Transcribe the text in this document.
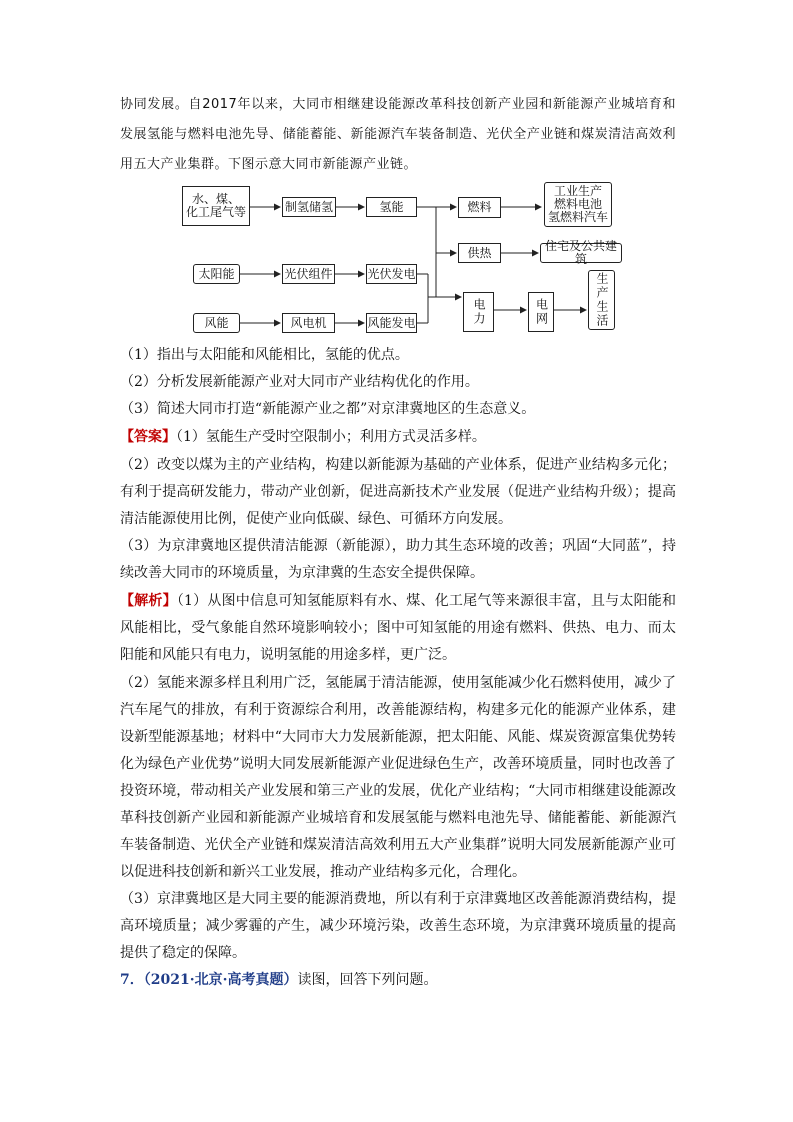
协同发展。自2017年以来，大同市相继建设能源改革科技创新产业园和新能源产业城培育和发展氢能与燃料电池先导、储能蓄能、新能源汽车装备制造、光伏全产业链和煤炭清洁高效利用五大产业集群。下图示意大同市新能源产业链。

水、煤、
化工尾气等	制氢储氢	氢能	燃料
工业生产
燃料电池
氢燃料汽车
供热	住宅及公共建筑
太阳能	光伏组件	光伏发电
风能	风电机	风能发电	电力	电网	生产生活

（1）指出与太阳能和风能相比，氢能的优点。

（2）分析发展新能源产业对大同市产业结构优化的作用。

（3）简述大同市打造“新能源产业之都”对京津冀地区的生态意义。

【答案】（1）氢能生产受时空限制小；利用方式灵活多样。

（2）改变以煤为主的产业结构，构建以新能源为基础的产业体系，促进产业结构多元化；有利于提高研发能力，带动产业创新，促进高新技术产业发展（促进产业结构升级）；提高清洁能源使用比例，促使产业向低碳、绿色、可循环方向发展。

（3）为京津冀地区提供清洁能源（新能源），助力其生态环境的改善；巩固“大同蓝”，持续改善大同市的环境质量，为京津冀的生态安全提供保障。

【解析】（1）从图中信息可知氢能原料有水、煤、化工尾气等来源很丰富，且与太阳能和风能相比，受气象能自然环境影响较小；图中可知氢能的用途有燃料、供热、电力、而太阳能和风能只有电力，说明氢能的用途多样，更广泛。

（2）氢能来源多样且利用广泛，氢能属于清洁能源，使用氢能减少化石燃料使用，减少了汽车尾气的排放，有利于资源综合利用，改善能源结构，构建多元化的能源产业体系，建设新型能源基地；材料中“大同市大力发展新能源，把太阳能、风能、煤炭资源富集优势转化为绿色产业优势”说明大同发展新能源产业促进绿色生产，改善环境质量，同时也改善了投资环境，带动相关产业发展和第三产业的发展，优化产业结构；“大同市相继建设能源改革科技创新产业园和新能源产业城培育和发展氢能与燃料电池先导、储能蓄能、新能源汽车装备制造、光伏全产业链和煤炭清洁高效利用五大产业集群”说明大同发展新能源产业可以促进科技创新和新兴工业发展，推动产业结构多元化，合理化。

（3）京津冀地区是大同主要的能源消费地，所以有利于京津冀地区改善能源消费结构，提高环境质量；减少雾霾的产生，减少环境污染，改善生态环境，为京津冀环境质量的提高提供了稳定的保障。

7．（2021·北京·高考真题）读图，回答下列问题。
